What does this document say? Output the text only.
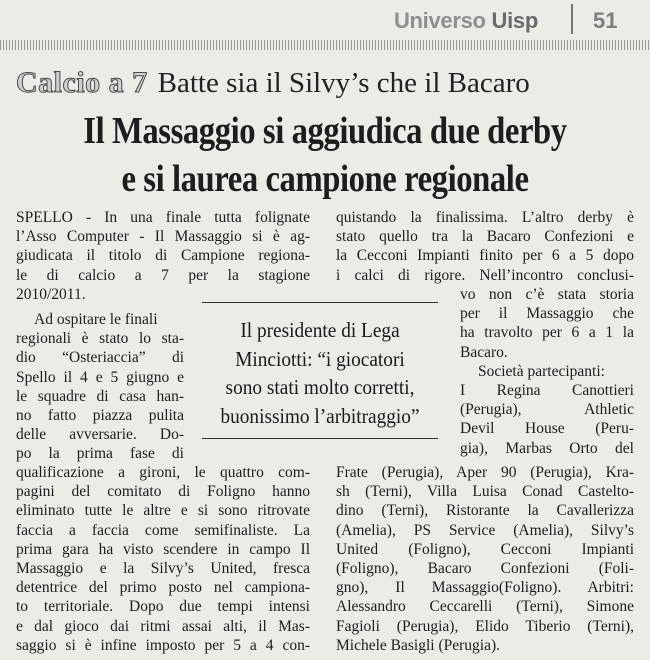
Universo Uisp	51
Calcio a 7 Batte sia il Silvy’s che il Bacaro
Il Massaggio si aggiudica due derby
e si laurea campione regionale
SPELLO - In una finale tutta folignate
l’Asso Computer - Il Massaggio si è ag-
giudicata il titolo di Campione regiona-
le di calcio a 7 per la stagione
2010/2011.
Ad ospitare le finali
regionali è stato lo sta-
dio “Osteriaccia” di
Spello il 4 e 5 giugno e
le squadre di casa han-
no fatto piazza pulita
delle avversarie. Do-
po la prima fase di
qualificazione a gironi, le quattro com-
pagini del comitato di Foligno hanno
eliminato tutte le altre e si sono ritrovate
faccia a faccia come semifinaliste. La
prima gara ha visto scendere in campo Il
Massaggio e la Silvy’s United, fresca
detentrice del primo posto nel campiona-
to territoriale. Dopo due tempi intensi
e dal gioco dai ritmi assai alti, il Mas-
saggio si è infine imposto per 5 a 4 con-
quistando la finalissima. L’altro derby è
stato quello tra la Bacaro Confezioni e
la Cecconi Impianti finito per 6 a 5 dopo
i calci di rigore. Nell’incontro conclusi-
vo non c’è stata storia
per il Massaggio che
ha travolto per 6 a 1 la
Bacaro.
Società partecipanti:
I Regina Canottieri
(Perugia), Athletic
Devil House (Peru-
gia), Marbas Orto del
Frate (Perugia), Aper 90 (Perugia), Kra-
sh (Terni), Villa Luisa Conad Casteltо-
dino (Terni), Ristorante la Cavallerizza
(Amelia), PS Service (Amelia), Silvy’s
United (Foligno), Cecconi Impianti
(Foligno), Bacaro Confezioni (Foli-
gno), Il Massaggio(Foligno). Arbitri:
Alessandro Ceccarelli (Terni), Simone
Fagioli (Perugia), Elido Tiberio (Terni),
Michele Basigli (Perugia).
Il presidente di Lega
Minciotti: “i giocatori
sono stati molto corretti,
buonissimo l’arbitraggio”
